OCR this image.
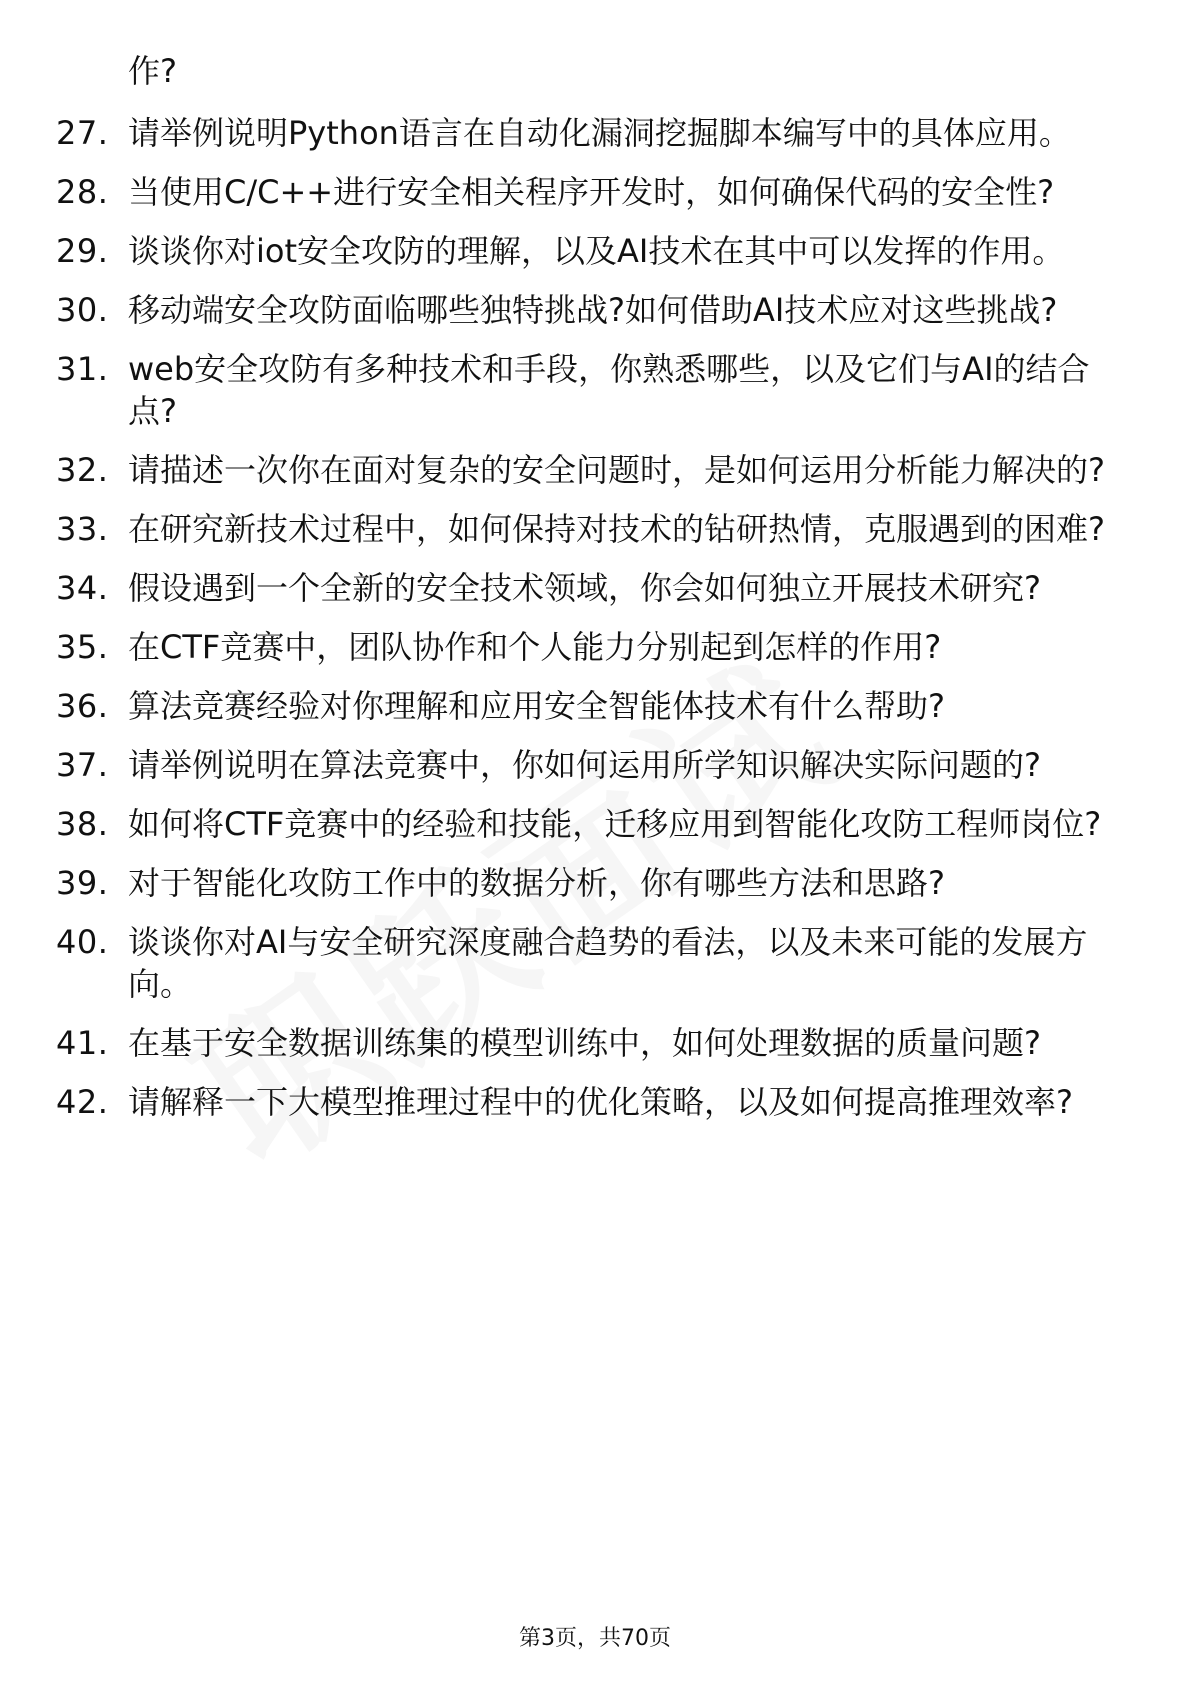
作?
27. 请举例说明Python语言在自动化漏洞挖掘脚本编写中的具体应用。
28. 当使用C/C++进行安全相关程序开发时，如何确保代码的安全性?
29. 谈谈你对iot安全攻防的理解，以及AI技术在其中可以发挥的作用。
30. 移动端安全攻防面临哪些独特挑战?如何借助AI技术应对这些挑战?
31. web安全攻防有多种技术和手段，你熟悉哪些，以及它们与AI的结合点?
32. 请描述一次你在面对复杂的安全问题时，是如何运用分析能力解决的?
33. 在研究新技术过程中，如何保持对技术的钻研热情，克服遇到的困难?
34. 假设遇到一个全新的安全技术领域，你会如何独立开展技术研究?
35. 在CTF竞赛中，团队协作和个人能力分别起到怎样的作用?
36. 算法竞赛经验对你理解和应用安全智能体技术有什么帮助?
37. 请举例说明在算法竞赛中，你如何运用所学知识解决实际问题的?
38. 如何将CTF竞赛中的经验和技能，迁移应用到智能化攻防工程师岗位?
39. 对于智能化攻防工作中的数据分析，你有哪些方法和思路?
40. 谈谈你对AI与安全研究深度融合趋势的看法，以及未来可能的发展方向。
41. 在基于安全数据训练集的模型训练中，如何处理数据的质量问题?
42. 请解释一下大模型推理过程中的优化策略，以及如何提高推理效率?
第3页，共70页
